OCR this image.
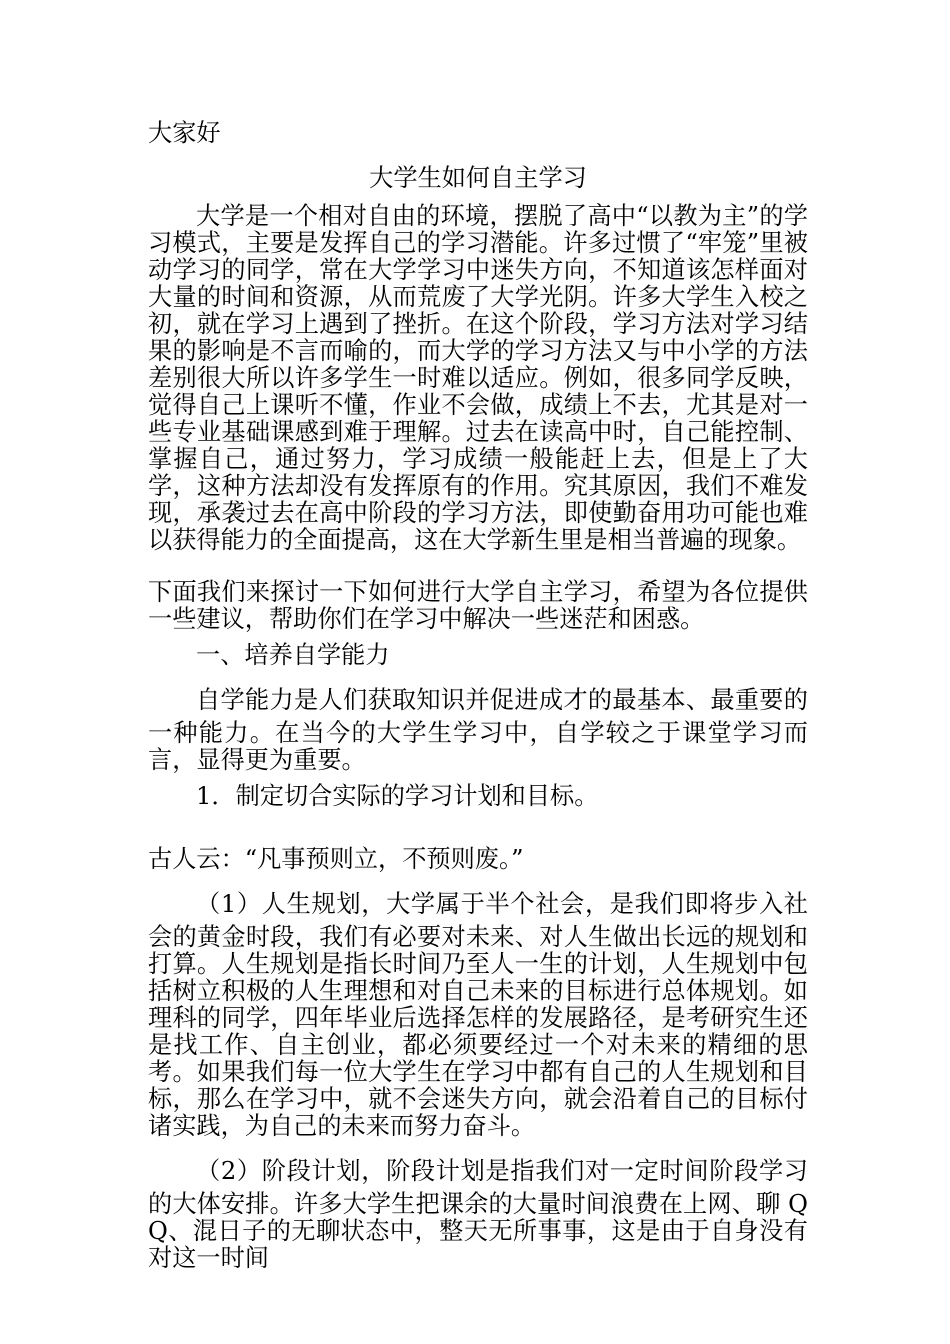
大家好

大学生如何自主学习

大学是一个相对自由的环境，摆脱了高中“以教为主”的学习模式，主要是发挥自己的学习潜能。许多过惯了“牢笼”里被动学习的同学，常在大学学习中迷失方向，不知道该怎样面对大量的时间和资源，从而荒废了大学光阴。许多大学生入校之初，就在学习上遇到了挫折。在这个阶段，学习方法对学习结果的影响是不言而喻的，而大学的学习方法又与中小学的方法差别很大所以许多学生一时难以适应。例如，很多同学反映，觉得自己上课听不懂，作业不会做，成绩上不去，尤其是对一些专业基础课感到难于理解。过去在读高中时，自己能控制、掌握自己，通过努力，学习成绩一般能赶上去，但是上了大学，这种方法却没有发挥原有的作用。究其原因，我们不难发现，承袭过去在高中阶段的学习方法，即使勤奋用功可能也难以获得能力的全面提高，这在大学新生里是相当普遍的现象。

下面我们来探讨一下如何进行大学自主学习，希望为各位提供一些建议，帮助你们在学习中解决一些迷茫和困惑。

一、培养自学能力

自学能力是人们获取知识并促进成才的最基本、最重要的一种能力。在当今的大学生学习中，自学较之于课堂学习而言，显得更为重要。

1．制定切合实际的学习计划和目标。

古人云：“凡事预则立，不预则废。”

（1）人生规划，大学属于半个社会，是我们即将步入社会的黄金时段，我们有必要对未来、对人生做出长远的规划和打算。人生规划是指长时间乃至人一生的计划，人生规划中包括树立积极的人生理想和对自己未来的目标进行总体规划。如理科的同学，四年毕业后选择怎样的发展路径，是考研究生还是找工作、自主创业，都必须要经过一个对未来的精细的思考。如果我们每一位大学生在学习中都有自己的人生规划和目标，那么在学习中，就不会迷失方向，就会沿着自己的目标付诸实践，为自己的未来而努力奋斗。

（2）阶段计划，阶段计划是指我们对一定时间阶段学习的大体安排。许多大学生把课余的大量时间浪费在上网、聊 QQ、混日子的无聊状态中，整天无所事事，这是由于自身没有对这一时间
